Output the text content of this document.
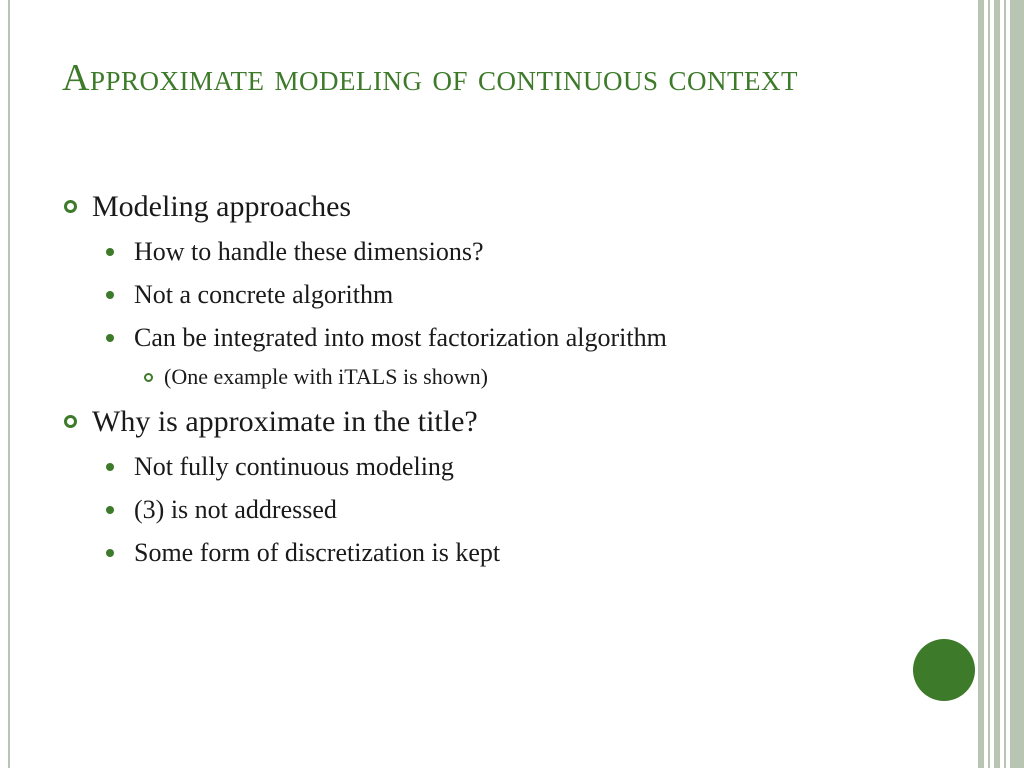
Approximate modeling of continuous context

Modeling approaches

How to handle these dimensions?

Not a concrete algorithm

Can be integrated into most factorization algorithm

(One example with iTALS is shown)

Why is approximate in the title?

Not fully continuous modeling

(3) is not addressed

Some form of discretization is kept
